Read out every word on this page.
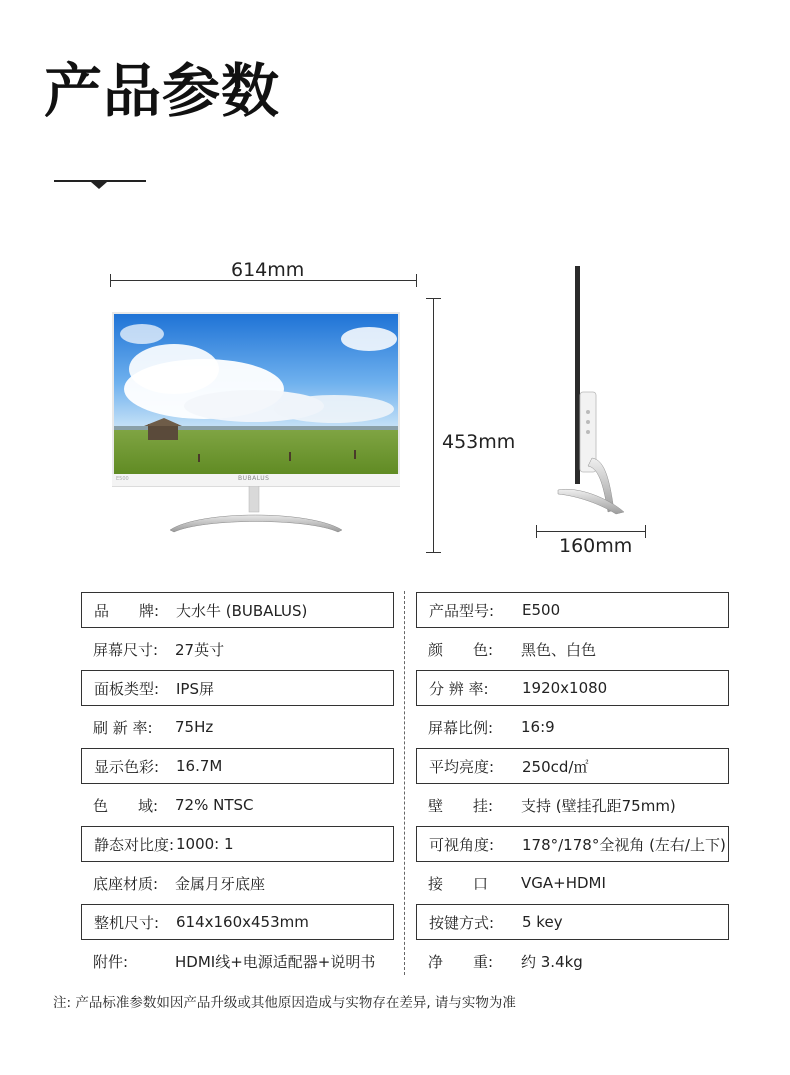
产品参数
614mm
453mm
160mm
E500	BUBALUS
品　　牌:	大水牛 (BUBALUS)
屏幕尺寸:	27英寸
面板类型:	IPS屏
刷 新 率:	75Hz
显示色彩:	16.7M
色　　域:	72% NTSC
静态对比度: 1000: 1
底座材质:	金属月牙底座
整机尺寸:	614x160x453mm
附件:	HDMI线+电源适配器+说明书
产品型号:	E500
颜　　色:	黑色、白色
分 辨 率:	1920x1080
屏幕比例:	16:9
平均亮度:	250cd/㎡
壁　　挂:	支持 (壁挂孔距75mm)
可视角度:	178°/178°全视角 (左右/上下)
接　　口	VGA+HDMI
按键方式:	5 key
净　　重:	约 3.4kg
注: 产品标准参数如因产品升级或其他原因造成与实物存在差异, 请与实物为准
